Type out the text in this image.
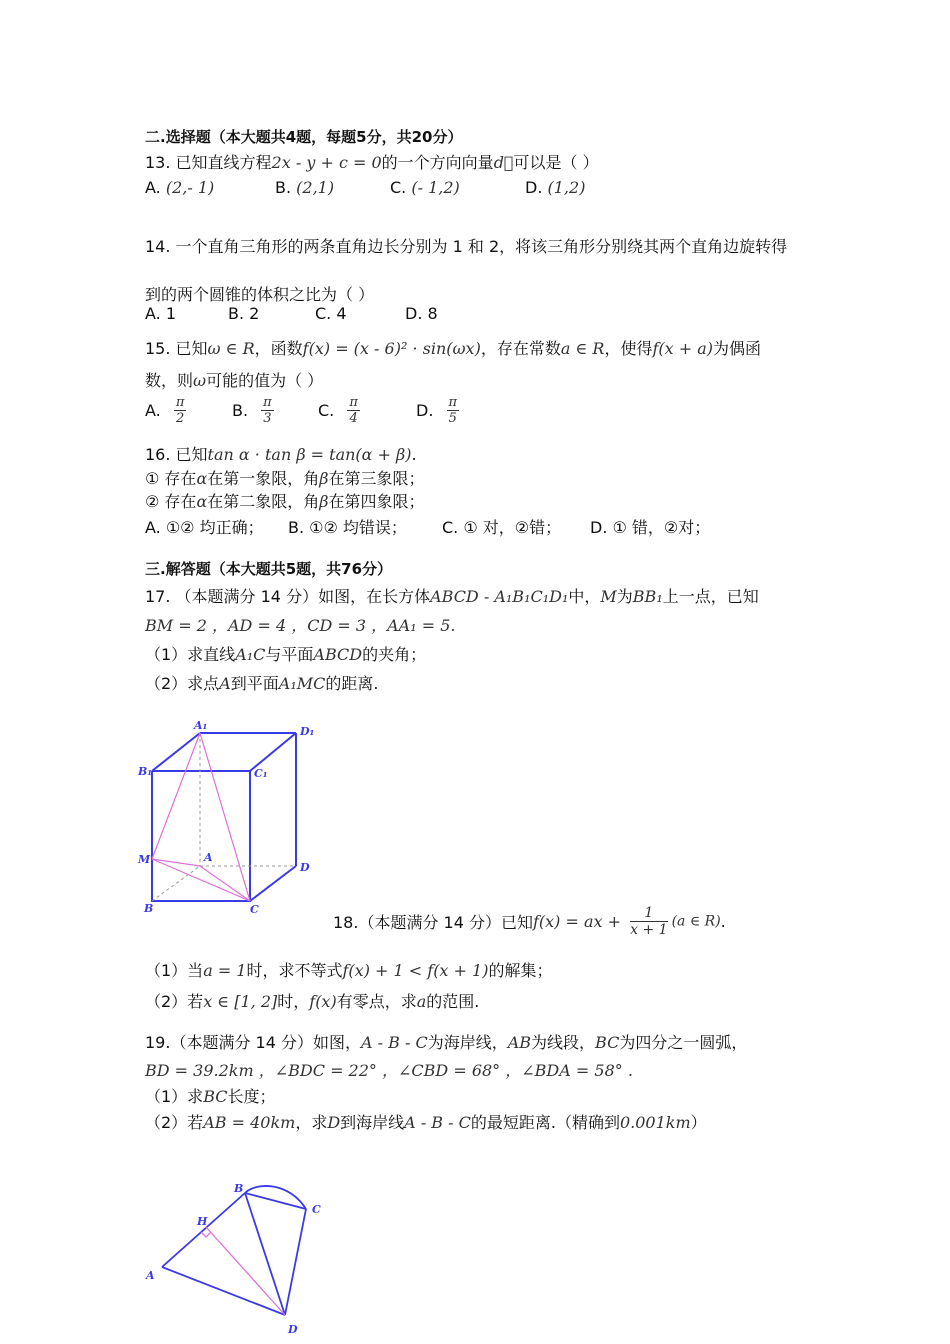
二.选择题（本大题共4题，每题5分，共20分）
13. 已知直线方程2x - y + c = 0的一个方向向量d⃗可以是（ ）
A. (2,- 1)	B. (2,1)	C. (- 1,2)	D. (1,2)
14. 一个直角三角形的两条直角边长分别为 1 和 2，将该三角形分别绕其两个直角边旋转得
到的两个圆锥的体积之比为（ ）
A. 1	B. 2	C. 4	D. 8
15. 已知ω ∈ R，函数f(x) = (x - 6)² · sin(ωx)，存在常数a ∈ R，使得f(x + a)为偶函
数，则ω可能的值为（ ）
A. $\frac{\pi}{2}$	B. $\frac{\pi}{3}$	C. $\frac{\pi}{4}$	D. $\frac{\pi}{5}$
16. 已知tan α · tan β = tan(α + β).
① 存在α在第一象限，角β在第三象限；
② 存在α在第二象限，角β在第四象限；
A. ①② 均正确； B. ①② 均错误； C. ① 对，②错； D. ① 错，②对；
三.解答题（本大题共5题，共76分）
17. （本题满分 14 分）如图，在长方体ABCD - A₁B₁C₁D₁中，M为BB₁上一点，已知
BM = 2 ，AD = 4 ，CD = 3 ，AA₁ = 5.
（1）求直线A₁C与平面ABCD的夹角；
（2）求点A到平面A₁MC的距离.
A₁	D₁
B₁	C₁
M	A
D
B	C
18.（本题满分 14 分）已知f(x) = ax + $\frac{1}{x + 1} (a$ ∈ R).
（1）当a = 1时，求不等式f(x) + 1 < f(x + 1)的解集；
（2）若x ∈ [1, 2]时，f(x)有零点，求a的范围.
19.（本题满分 14 分）如图，A - B - C为海岸线，AB为线段，BC为四分之一圆弧，
BD = 39.2km ，∠BDC = 22° ，∠CBD = 68° ，∠BDA = 58° .
（1）求BC长度；
（2）若AB = 40km，求D到海岸线A - B - C的最短距离.（精确到0.001km）
A
B
C
D
H
